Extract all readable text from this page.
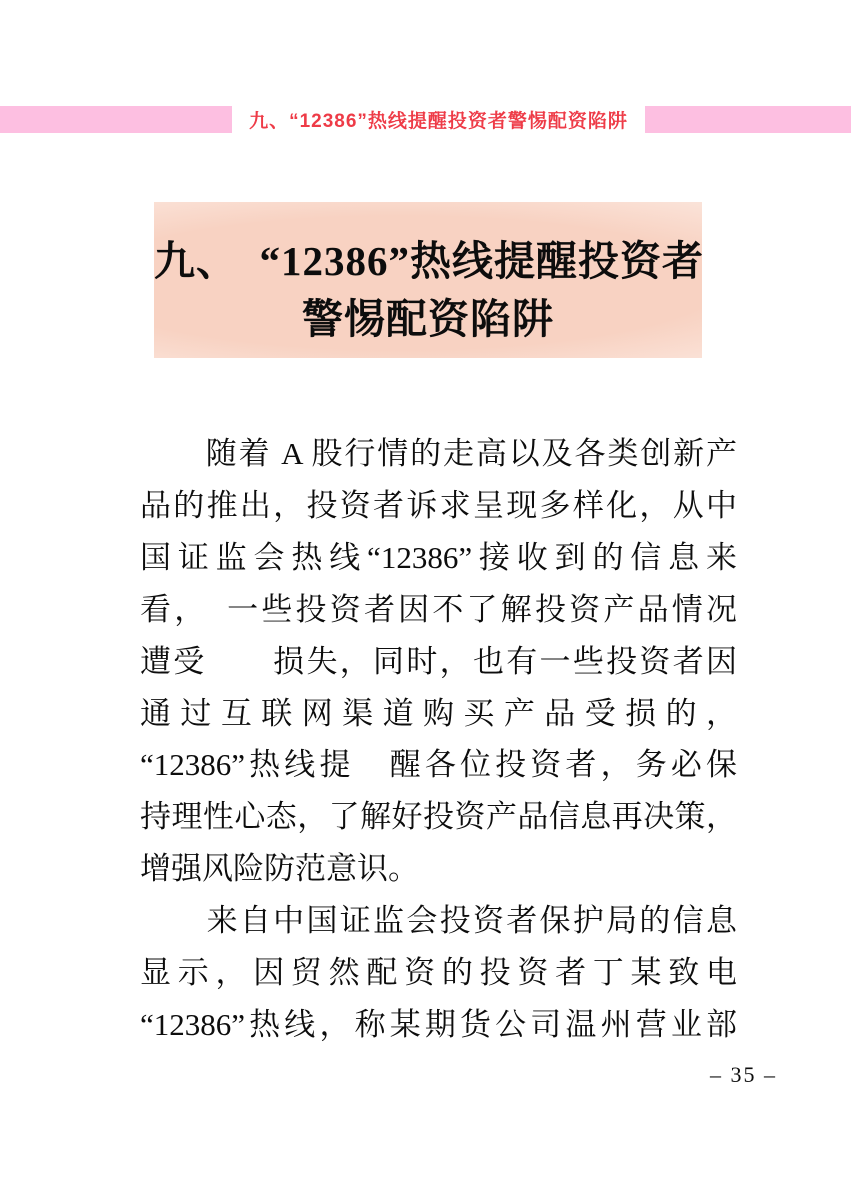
九、“12386”热线提醒投资者警惕配资陷阱
九、　“12386”热线提醒投资者
警惕配资陷阱
　　随着 A 股行情的走高以及各类创新产
品的推出，投资者诉求呈现多样化，从中
国证监会热线“12386”接收到的信息来
看，　一些投资者因不了解投资产品情况
遭受　　损失，同时，也有一些投资者因
通过互联网渠道购买产品受损的，
“12386”热线提　醒各位投资者，务必保
持理性心态，了解好投资产品信息再决策，
增强风险防范意识。
　　来自中国证监会投资者保护局的信息
显示，因贸然配资的投资者丁某致电
“12386”热线，称某期货公司温州营业部
– 35 –
